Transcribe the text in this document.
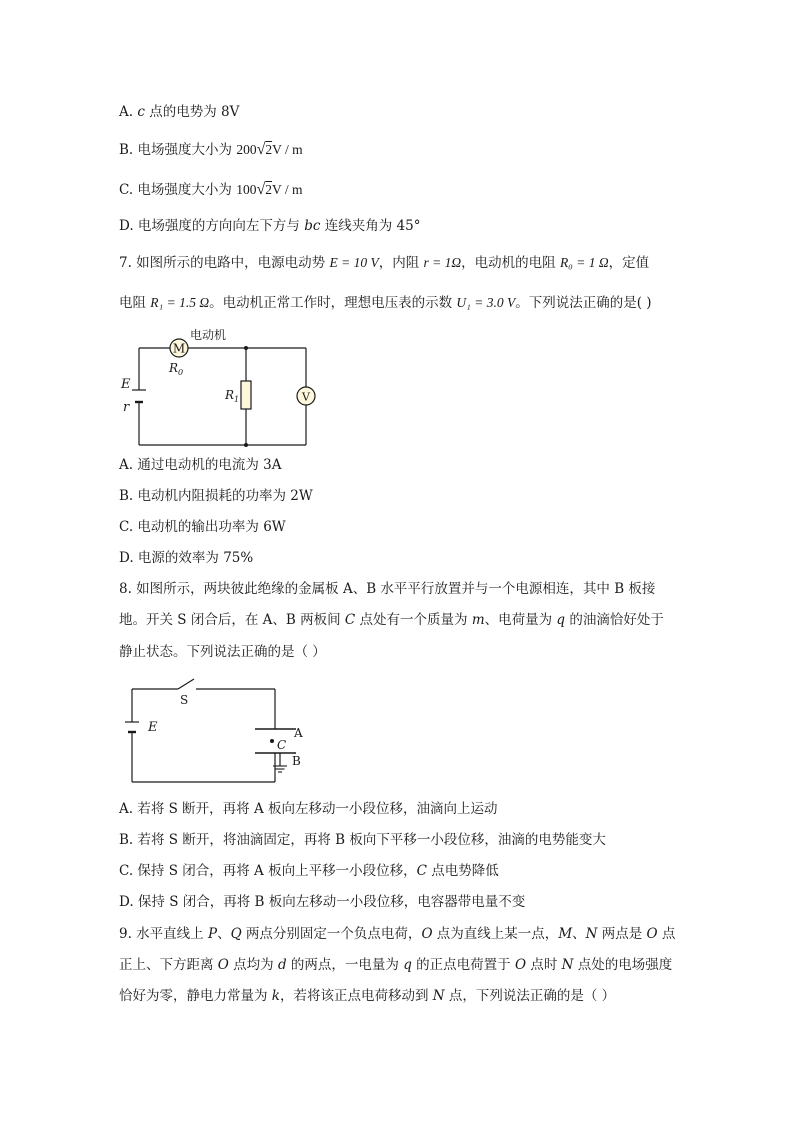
A. c 点的电势为 8V
B. 电场强度大小为 200√2V / m
C. 电场强度大小为 100√2V / m
D. 电场强度的方向向左下方与 bc 连线夹角为 45°
7. 如图所示的电路中，电源电动势 E = 10 V，内阻 r = 1Ω，电动机的电阻 R₀ = 1 Ω，定值
电阻 R₁ = 1.5 Ω。电动机正常工作时，理想电压表的示数 U₁ = 3.0 V。下列说法正确的是( )
M
电动机
$R_0$
$R_1$	V
E
r
A. 通过电动机的电流为 3A
B. 电动机内阻损耗的功率为 2W
C. 电动机的输出功率为 6W
D. 电源的效率为 75%
8. 如图所示，两块彼此绝缘的金属板 A、B 水平平行放置并与一个电源相连，其中 B 板接
地。开关 S 闭合后，在 A、B 两板间 C 点处有一个质量为 m、电荷量为 q 的油滴恰好处于
静止状态。下列说法正确的是（ ）
S
E	A
C
B
A. 若将 S 断开，再将 A 板向左移动一小段位移，油滴向上运动
B. 若将 S 断开，将油滴固定，再将 B 板向下平移一小段位移，油滴的电势能变大
C. 保持 S 闭合，再将 A 板向上平移一小段位移，C 点电势降低
D. 保持 S 闭合，再将 B 板向左移动一小段位移，电容器带电量不变
9. 水平直线上 P、Q 两点分别固定一个负点电荷，O 点为直线上某一点，M、N 两点是 O 点
正上、下方距离 O 点均为 d 的两点，一电量为 q 的正点电荷置于 O 点时 N 点处的电场强度
恰好为零，静电力常量为 k，若将该正点电荷移动到 N 点，下列说法正确的是（ ）
